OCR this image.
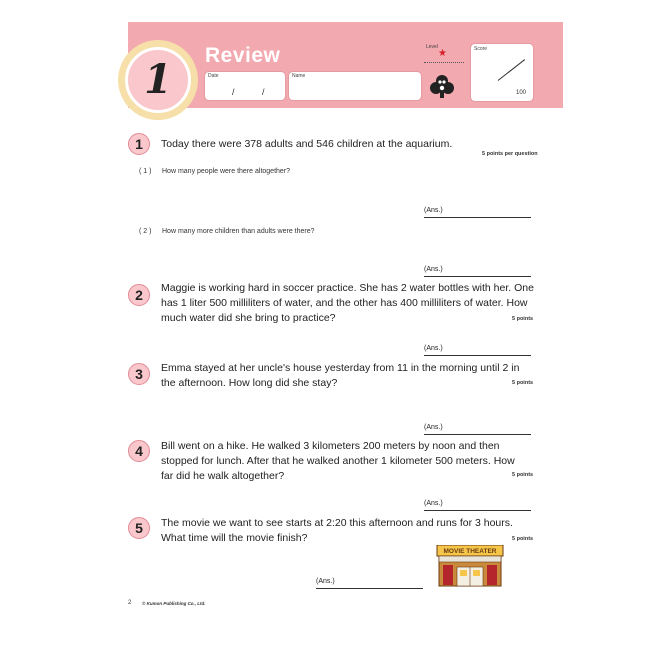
1
Review
Date
/           /
Name
Level
★	Score
100
1	Today there were 378 adults and 546 children at the aquarium.
5 points per question
( 1 ) How many people were there altogether?
(Ans.)
( 2 ) How many more children than adults were there?
(Ans.)
2	Maggie is working hard in soccer practice. She has 2 water bottles with her. One
has 1 liter 500 milliliters of water, and the other has 400 milliliters of water. How
much water did she bring to practice?	5 points
(Ans.)
3	Emma stayed at her uncle's house yesterday from 11 in the morning until 2 in
the afternoon. How long did she stay?	5 points
(Ans.)
4	Bill went on a hike. He walked 3 kilometers 200 meters by noon and then
stopped for lunch. After that he walked another 1 kilometer 500 meters. How
far did he walk altogether?	5 points
(Ans.)
5	The movie we want to see starts at 2:20 this afternoon and runs for 3 hours.
What time will the movie finish?	5 points
(Ans.)
MOVIE THEATER
2 © Kumon Publishing Co., Ltd.
